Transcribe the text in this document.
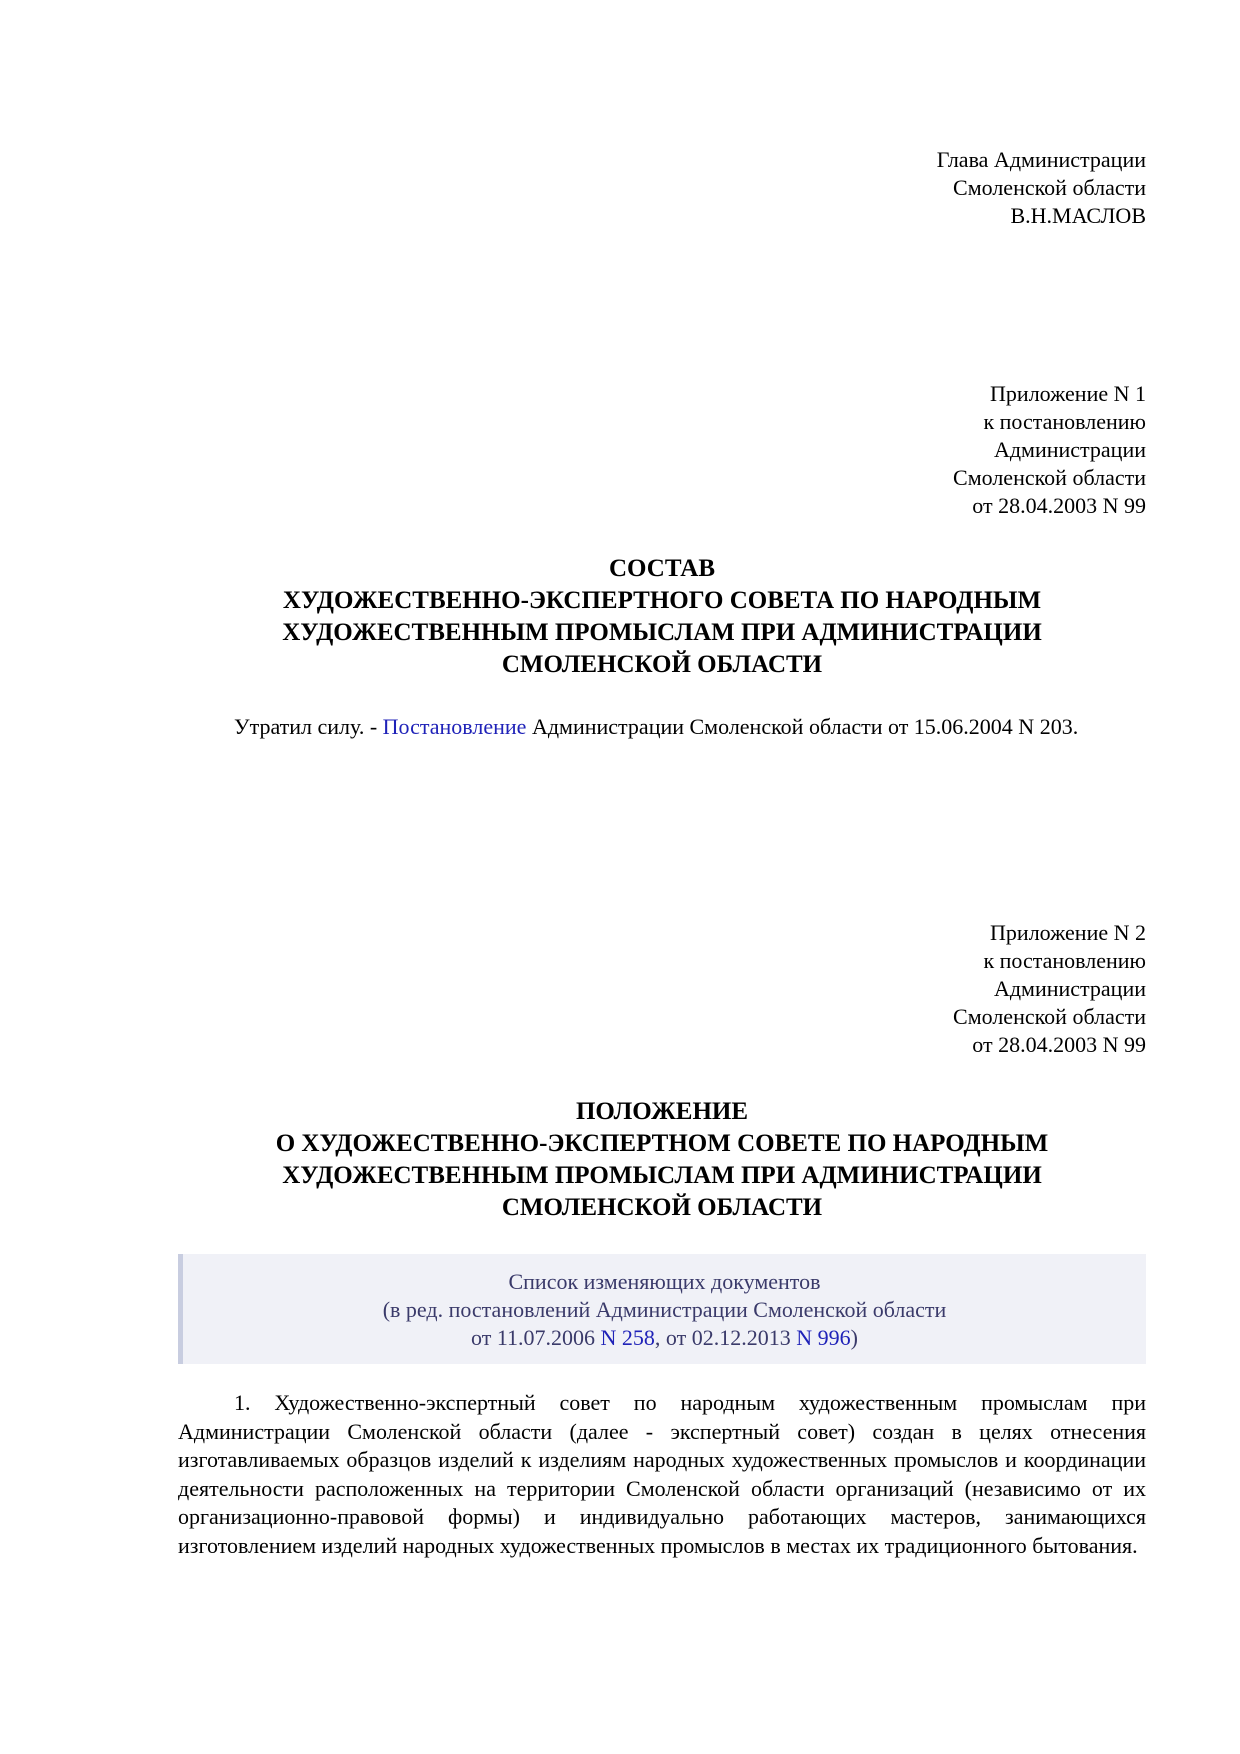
Глава Администрации
Смоленской области
В.Н.МАСЛОВ
Приложение N 1
к постановлению
Администрации
Смоленской области
от 28.04.2003 N 99
СОСТАВ
ХУДОЖЕСТВЕННО-ЭКСПЕРТНОГО СОВЕТА ПО НАРОДНЫМ
ХУДОЖЕСТВЕННЫМ ПРОМЫСЛАМ ПРИ АДМИНИСТРАЦИИ
СМОЛЕНСКОЙ ОБЛАСТИ
Утратил силу. - Постановление Администрации Смоленской области от 15.06.2004 N 203.
Приложение N 2
к постановлению
Администрации
Смоленской области
от 28.04.2003 N 99
ПОЛОЖЕНИЕ
О ХУДОЖЕСТВЕННО-ЭКСПЕРТНОМ СОВЕТЕ ПО НАРОДНЫМ
ХУДОЖЕСТВЕННЫМ ПРОМЫСЛАМ ПРИ АДМИНИСТРАЦИИ
СМОЛЕНСКОЙ ОБЛАСТИ
Список изменяющих документов
(в ред. постановлений Администрации Смоленской области
от 11.07.2006 N 258, от 02.12.2013 N 996)
1. Художественно-экспертный совет по народным художественным промыслам при Администрации Смоленской области (далее - экспертный совет) создан в целях отнесения изготавливаемых образцов изделий к изделиям народных художественных промыслов и координации деятельности расположенных на территории Смоленской области организаций (независимо от их организационно-правовой формы) и индивидуально работающих мастеров, занимающихся изготовлением изделий народных художественных промыслов в местах их традиционного бытования.
